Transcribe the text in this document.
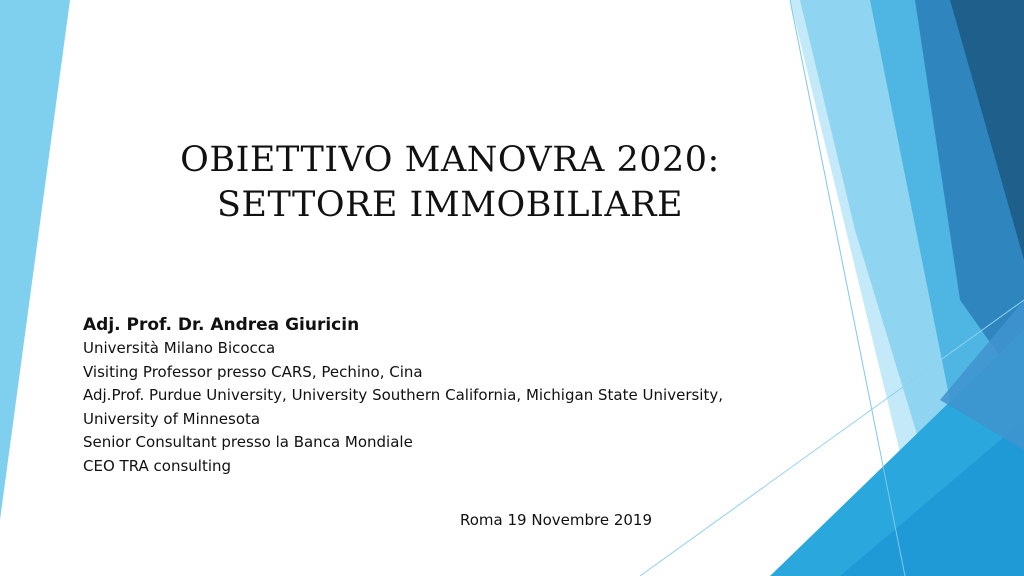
OBIETTIVO MANOVRA 2020:
SETTORE IMMOBILIARE
Adj. Prof. Dr. Andrea Giuricin
Università Milano Bicocca
Visiting Professor presso CARS, Pechino, Cina
Adj.Prof. Purdue University, University Southern California, Michigan State University, University of Minnesota
Senior Consultant presso la Banca Mondiale
CEO TRA consulting
Roma 19 Novembre 2019
